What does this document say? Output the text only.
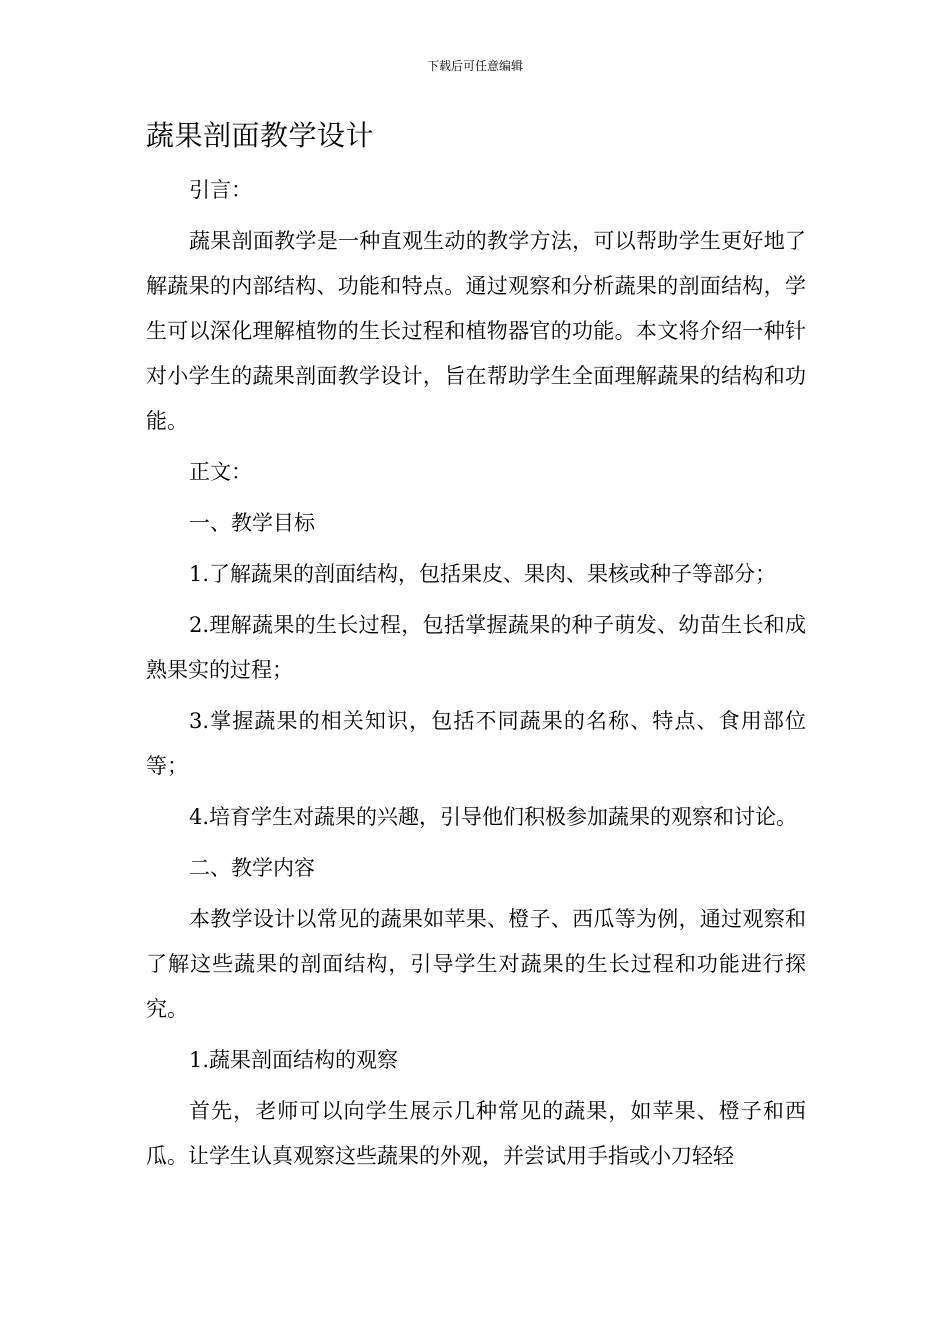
下载后可任意编辑
蔬果剖面教学设计

引言：

蔬果剖面教学是一种直观生动的教学方法，可以帮助学生更好地了解蔬果的内部结构、功能和特点。通过观察和分析蔬果的剖面结构，学生可以深化理解植物的生长过程和植物器官的功能。本文将介绍一种针对小学生的蔬果剖面教学设计，旨在帮助学生全面理解蔬果的结构和功能。

正文：

一、教学目标

1.了解蔬果的剖面结构，包括果皮、果肉、果核或种子等部分；

2.理解蔬果的生长过程，包括掌握蔬果的种子萌发、幼苗生长和成熟果实的过程；

3.掌握蔬果的相关知识，包括不同蔬果的名称、特点、食用部位等；

4.培育学生对蔬果的兴趣，引导他们积极参加蔬果的观察和讨论。

二、教学内容

本教学设计以常见的蔬果如苹果、橙子、西瓜等为例，通过观察和了解这些蔬果的剖面结构，引导学生对蔬果的生长过程和功能进行探究。

1.蔬果剖面结构的观察

首先，老师可以向学生展示几种常见的蔬果，如苹果、橙子和西瓜。让学生认真观察这些蔬果的外观，并尝试用手指或小刀轻轻
